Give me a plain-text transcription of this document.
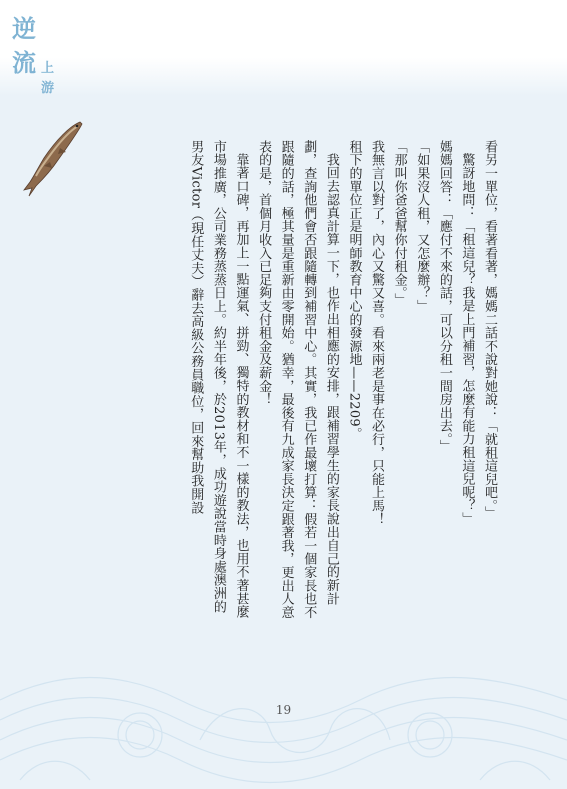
逆
流 上
游

看另一單位，看著看著，媽媽二話不說對她說：「就租這兒吧。」

驚訝地問：「租這兒？我是上門補習，怎麼有能力租這兒呢？」

媽媽回答：「應付不來的話，可以分租一間房出去。」

「如果沒人租，又怎麼辦？」

「那叫你爸爸幫你付租金。」

我無言以對了，內心又驚又喜。看來兩老是事在必行，只能上馬！

租下的單位正是明師教育中心的發源地——2209。

我回去認真計算一下，也作出相應的安排，跟補習學生的家長說出自己的新計劃，查詢他們會否跟隨轉到補習中心。其實，我已作最壞打算：假若一個家長也不跟隨的話，極其量是重新由零開始。猶幸，最後有九成家長決定跟著我，更出人意表的是，首個月收入已足夠支付租金及薪金！

靠著口碑，再加上一點運氣、拼勁、獨特的教材和不一樣的教法，也用不著甚麼市場推廣，公司業務蒸蒸日上。約半年後，於2013年，成功遊說當時身處澳洲的男友Victor（現任丈夫）辭去高級公務員職位，回來幫助我開設

19
